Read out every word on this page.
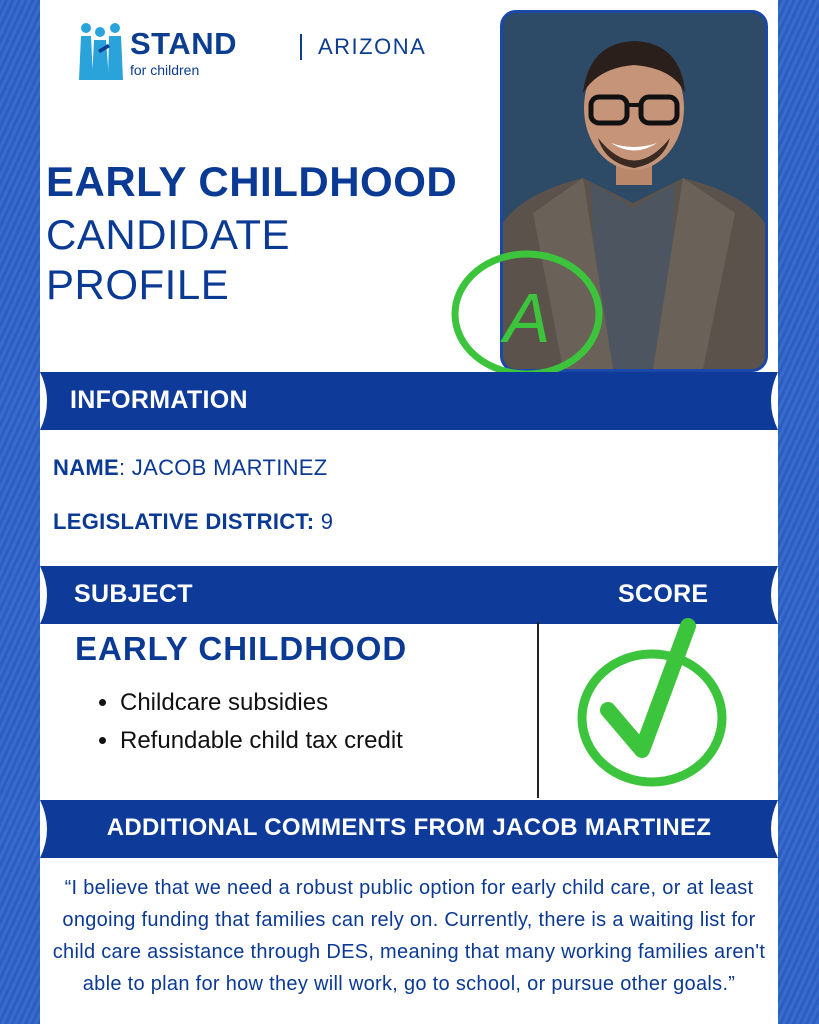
STAND
for children
ARIZONA
EARLY CHILDHOOD
CANDIDATE
PROFILE	A
INFORMATION
NAME: JACOB MARTINEZ
LEGISLATIVE DISTRICT: 9
SUBJECT	SCORE
EARLY CHILDHOOD
• Childcare subsidies
• Refundable child tax credit
ADDITIONAL COMMENTS FROM JACOB MARTINEZ
“I believe that we need a robust public option for early child care, or at least ongoing funding that families can rely on. Currently, there is a waiting list for child care assistance through DES, meaning that many working families aren't able to plan for how they will work, go to school, or pursue other goals.”
